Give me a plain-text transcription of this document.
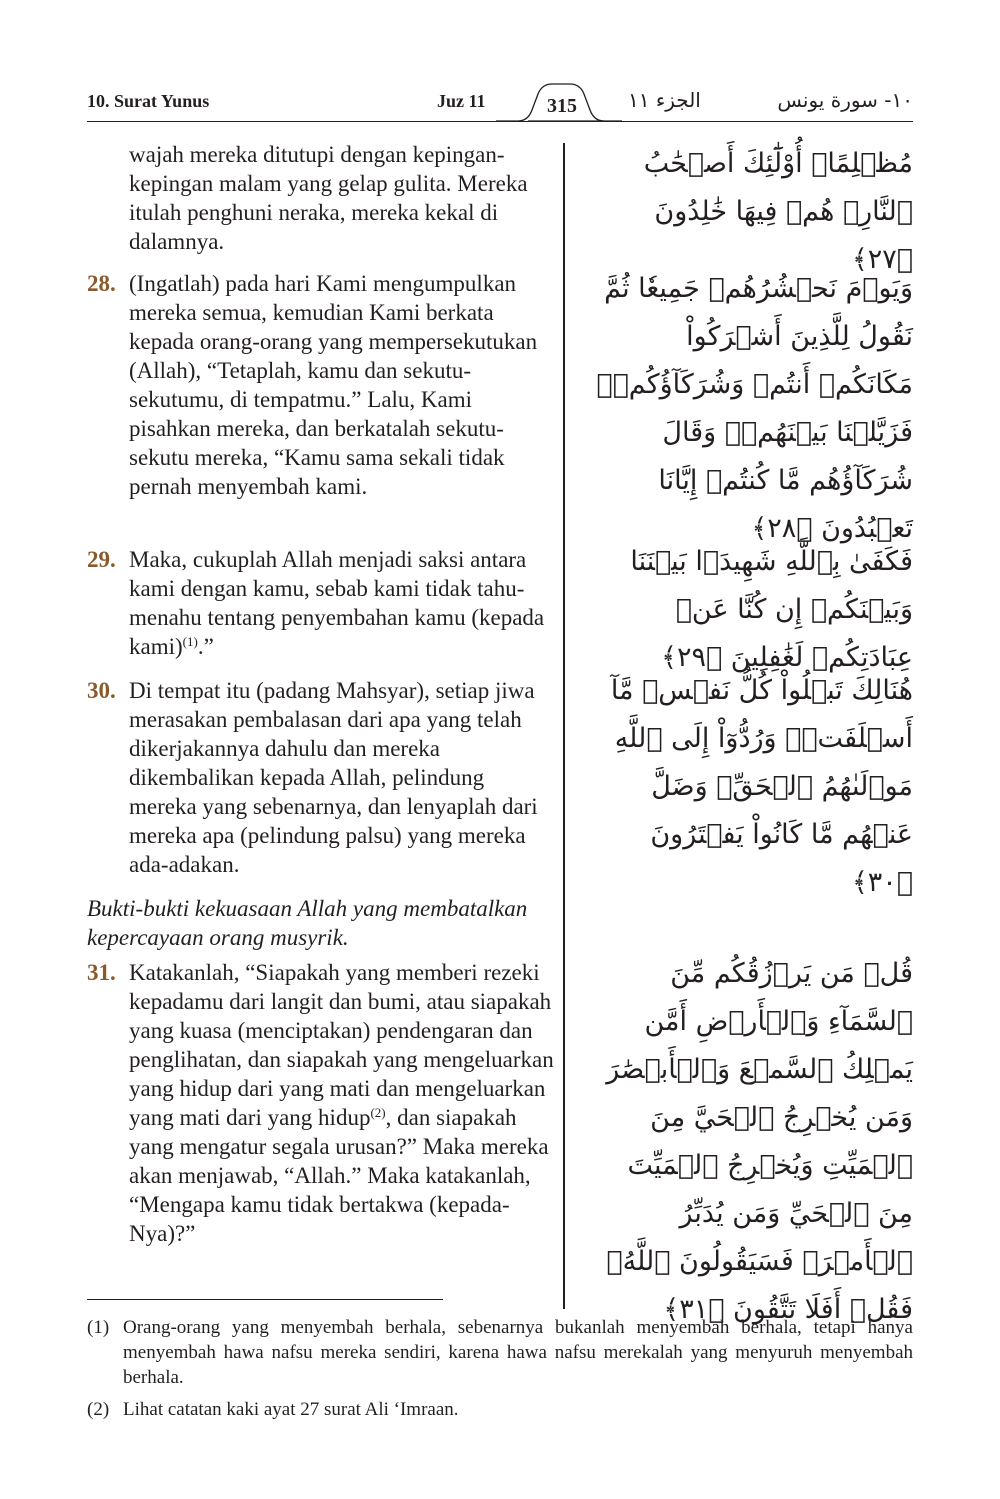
10. Surat Yunus	Juz 11	315	الجزء ١١	١٠- سورة يونس
wajah mereka ditutupi dengan kepingan-kepingan malam yang gelap gulita. Mereka itulah penghuni neraka, mereka kekal di dalamnya.
مُظۡلِمًاۚ أُوْلَٰٓئِكَ أَصۡحَٰبُ ٱلنَّارِۖ هُمۡ فِيهَا خَٰلِدُونَ ﴿٢٧﴾
28. (Ingatlah) pada hari Kami mengumpulkan mereka semua, kemudian Kami berkata kepada orang-orang yang mempersekutukan (Allah), “Tetaplah, kamu dan sekutu-sekutumu, di tempatmu.” Lalu, Kami pisahkan mereka, dan berkatalah sekutu-sekutu mereka, “Kamu sama sekali tidak pernah menyembah kami.
وَيَوۡمَ نَحۡشُرُهُمۡ جَمِيعٗا ثُمَّ نَقُولُ لِلَّذِينَ أَشۡرَكُواْ مَكَانَكُمۡ أَنتُمۡ وَشُرَكَآؤُكُمۡۚ فَزَيَّلۡنَا بَيۡنَهُمۡۖ وَقَالَ شُرَكَآؤُهُم مَّا كُنتُمۡ إِيَّانَا تَعۡبُدُونَ ﴿٢٨﴾
29. Maka, cukuplah Allah menjadi saksi antara kami dengan kamu, sebab kami tidak tahu-menahu tentang penyembahan kamu (kepada kami)$^{(1)}$.”
فَكَفَىٰ بِٱللَّهِ شَهِيدَۢا بَيۡنَنَا وَبَيۡنَكُمۡ إِن كُنَّا عَنۡ عِبَادَتِكُمۡ لَغَٰفِلِينَ ﴿٢٩﴾
30. Di tempat itu (padang Mahsyar), setiap jiwa merasakan pembalasan dari apa yang telah dikerjakannya dahulu dan mereka dikembalikan kepada Allah, pelindung mereka yang sebenarnya, dan lenyaplah dari mereka apa (pelindung palsu) yang mereka ada-adakan.
هُنَالِكَ تَبۡلُواْ كُلُّ نَفۡسٖ مَّآ أَسۡلَفَتۡۚ وَرُدُّوٓاْ إِلَى ٱللَّهِ مَوۡلَىٰهُمُ ٱلۡحَقِّۖ وَضَلَّ عَنۡهُم مَّا كَانُواْ يَفۡتَرُونَ ﴿٣٠﴾
Bukti-bukti kekuasaan Allah yang membatalkan kepercayaan orang musyrik.
31. Katakanlah, “Siapakah yang memberi rezeki kepadamu dari langit dan bumi, atau siapakah yang kuasa (menciptakan) pendengaran dan penglihatan, dan siapakah yang mengeluarkan yang hidup dari yang mati dan mengeluarkan yang mati dari yang hidup$^{(2)}$, dan siapakah yang mengatur segala urusan?” Maka mereka akan menjawab, “Allah.” Maka katakanlah, “Mengapa kamu tidak bertakwa (kepada-Nya)?”
قُلۡ مَن يَرۡزُقُكُم مِّنَ ٱلسَّمَآءِ وَٱلۡأَرۡضِ أَمَّن يَمۡلِكُ ٱلسَّمۡعَ وَٱلۡأَبۡصَٰرَ وَمَن يُخۡرِجُ ٱلۡحَيَّ مِنَ ٱلۡمَيِّتِ وَيُخۡرِجُ ٱلۡمَيِّتَ مِنَ ٱلۡحَيِّ وَمَن يُدَبِّرُ ٱلۡأَمۡرَۚ فَسَيَقُولُونَ ٱللَّهُۚ فَقُلۡ أَفَلَا تَتَّقُونَ ﴿٣١﴾
(1) Orang-orang yang menyembah berhala, sebenarnya bukanlah menyembah berhala, tetapi hanya menyembah hawa nafsu mereka sendiri, karena hawa nafsu merekalah yang menyuruh menyembah berhala.
(2) Lihat catatan kaki ayat 27 surat Ali ‘Imraan.
